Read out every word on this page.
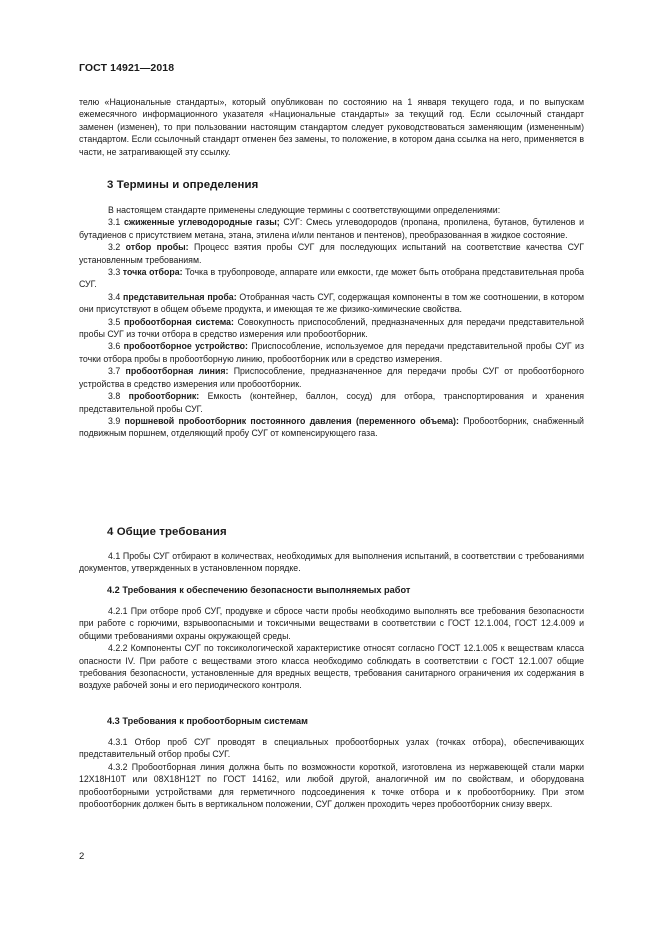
ГОСТ 14921—2018

телю «Национальные стандарты», который опубликован по состоянию на 1 января текущего года, и по выпускам ежемесячного информационного указателя «Национальные стандарты» за текущий год. Если ссылочный стандарт заменен (изменен), то при пользовании настоящим стандартом следует руководствоваться заменяющим (измененным) стандартом. Если ссылочный стандарт отменен без замены, то положение, в котором дана ссылка на него, применяется в части, не затрагивающей эту ссылку.

3 Термины и определения

В настоящем стандарте применены следующие термины с соответствующими определениями:

3.1 сжиженные углеводородные газы; СУГ: Смесь углеводородов (пропана, пропилена, бутанов, бутиленов и бутадиенов с присутствием метана, этана, этилена и/или пентанов и пентенов), преобразованная в жидкое состояние.

3.2 отбор пробы: Процесс взятия пробы СУГ для последующих испытаний на соответствие качества СУГ установленным требованиям.

3.3 точка отбора: Точка в трубопроводе, аппарате или емкости, где может быть отобрана представительная проба СУГ.

3.4 представительная проба: Отобранная часть СУГ, содержащая компоненты в том же соотношении, в котором они присутствуют в общем объеме продукта, и имеющая те же физико-химические свойства.

3.5 пробоотборная система: Совокупность приспособлений, предназначенных для передачи представительной пробы СУГ из точки отбора в средство измерения или пробоотборник.

3.6 пробоотборное устройство: Приспособление, используемое для передачи представительной пробы СУГ из точки отбора пробы в пробоотборную линию, пробоотборник или в средство измерения.

3.7 пробоотборная линия: Приспособление, предназначенное для передачи пробы СУГ от пробоотборного устройства в средство измерения или пробоотборник.

3.8 пробоотборник: Емкость (контейнер, баллон, сосуд) для отбора, транспортирования и хранения представительной пробы СУГ.

3.9 поршневой пробоотборник постоянного давления (переменного объема): Пробоотборник, снабженный подвижным поршнем, отделяющий пробу СУГ от компенсирующего газа.

4 Общие требования

4.1 Пробы СУГ отбирают в количествах, необходимых для выполнения испытаний, в соответствии с требованиями документов, утвержденных в установленном порядке.

4.2 Требования к обеспечению безопасности выполняемых работ

4.2.1 При отборе проб СУГ, продувке и сбросе части пробы необходимо выполнять все требования безопасности при работе с горючими, взрывоопасными и токсичными веществами в соответствии с ГОСТ 12.1.004, ГОСТ 12.4.009 и общими требованиями охраны окружающей среды.

4.2.2 Компоненты СУГ по токсикологической характеристике относят согласно ГОСТ 12.1.005 к веществам класса опасности IV. При работе с веществами этого класса необходимо соблюдать в соответствии с ГОСТ 12.1.007 общие требования безопасности, установленные для вредных веществ, требования санитарного ограничения их содержания в воздухе рабочей зоны и его периодического контроля.

4.3 Требования к пробоотборным системам

4.3.1 Отбор проб СУГ проводят в специальных пробоотборных узлах (точках отбора), обеспечивающих представительный отбор пробы СУГ.

4.3.2 Пробоотборная линия должна быть по возможности короткой, изготовлена из нержавеющей стали марки 12Х18Н10Т или 08Х18Н12Т по ГОСТ 14162, или любой другой, аналогичной им по свойствам, и оборудована пробоотборными устройствами для герметичного подсоединения к точке отбора и к пробоотборнику. При этом пробоотборник должен быть в вертикальном положении, СУГ должен проходить через пробоотборник снизу вверх.

2
